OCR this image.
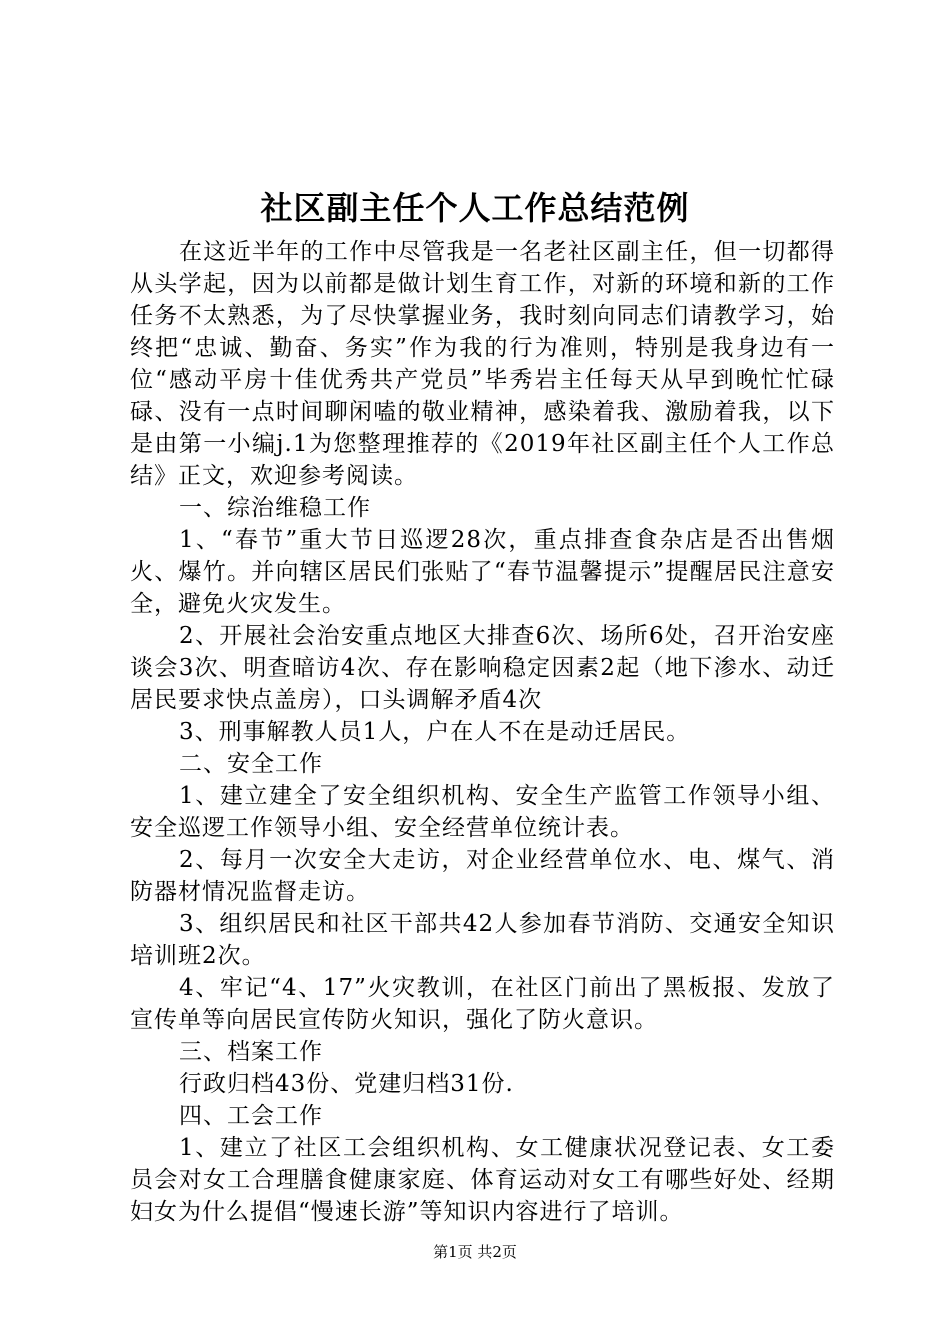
社区副主任个人工作总结范例

在这近半年的工作中尽管我是一名老社区副主任，但一切都得从头学起，因为以前都是做计划生育工作，对新的环境和新的工作任务不太熟悉，为了尽快掌握业务，我时刻向同志们请教学习，始终把“忠诚、勤奋、务实”作为我的行为准则，特别是我身边有一位“感动平房十佳优秀共产党员”毕秀岩主任每天从早到晚忙忙碌碌、没有一点时间聊闲嗑的敬业精神，感染着我、激励着我，以下是由第一小编j.1为您整理推荐的《2019年社区副主任个人工作总结》正文，欢迎参考阅读。

一、综治维稳工作

1、“春节”重大节日巡逻28次，重点排查食杂店是否出售烟火、爆竹。并向辖区居民们张贴了“春节温馨提示”提醒居民注意安全，避免火灾发生。

2、开展社会治安重点地区大排查6次、场所6处，召开治安座谈会3次、明查暗访4次、存在影响稳定因素2起（地下渗水、动迁居民要求快点盖房），口头调解矛盾4次

3、刑事解教人员1人，户在人不在是动迁居民。

二、安全工作

1、建立建全了安全组织机构、安全生产监管工作领导小组、安全巡逻工作领导小组、安全经营单位统计表。

2、每月一次安全大走访，对企业经营单位水、电、煤气、消防器材情况监督走访。

3、组织居民和社区干部共42人参加春节消防、交通安全知识培训班2次。

4、牢记“4、17”火灾教训，在社区门前出了黑板报、发放了宣传单等向居民宣传防火知识，强化了防火意识。

三、档案工作

行政归档43份、党建归档31份.

四、工会工作

1、建立了社区工会组织机构、女工健康状况登记表、女工委员会对女工合理膳食健康家庭、体育运动对女工有哪些好处、经期妇女为什么提倡“慢速长游”等知识内容进行了培训。

第1页 共2页
